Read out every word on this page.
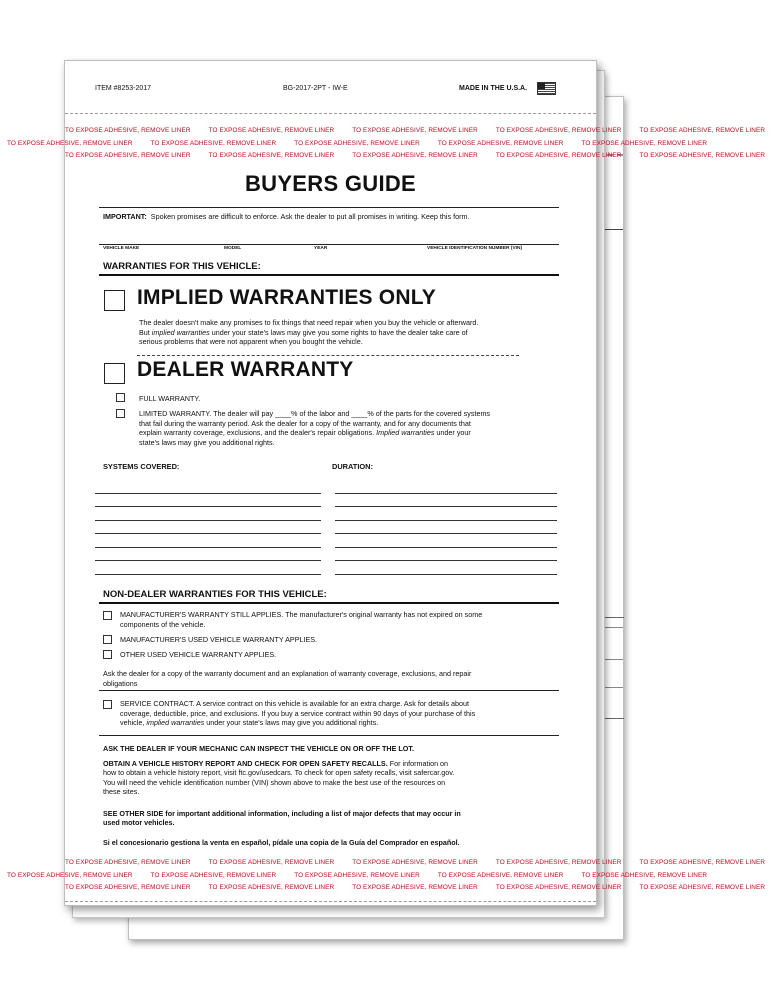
ITEM #8253-2017	BG-2017-2PT - IW-E	MADE IN THE U.S.A.
TO EXPOSE ADHESIVE, REMOVE LINER	TO EXPOSE ADHESIVE, REMOVE LINER	TO EXPOSE ADHESIVE, REMOVE LINER	TO EXPOSE ADHESIVE, REMOVE LINER	TO EXPOSE ADHESIVE, REMOVE LINER
TO EXPOSE ADHESIVE, REMOVE LINER	TO EXPOSE ADHESIVE, REMOVE LINER	TO EXPOSE ADHESIVE, REMOVE LINER	TO EXPOSE ADHESIVE, REMOVE LINER	TO EXPOSE ADHESIVE, REMOVE LINER
TO EXPOSE ADHESIVE, REMOVE LINER	TO EXPOSE ADHESIVE, REMOVE LINER	TO EXPOSE ADHESIVE, REMOVE LINER	TO EXPOSE ADHESIVE, REMOVE LINER	TO EXPOSE ADHESIVE, REMOVE LINER
BUYERS GUIDE
IMPORTANT: Spoken promises are difficult to enforce. Ask the dealer to put all promises in writing. Keep this form.
VEHICLE MAKE	MODEL	YEAR	VEHICLE IDENTIFICATION NUMBER (VIN)
WARRANTIES FOR THIS VEHICLE:
IMPLIED WARRANTIES ONLY
The dealer doesn't make any promises to fix things that need repair when you buy the vehicle or afterward.
But implied warranties under your state's laws may give you some rights to have the dealer take care of
serious problems that were not apparent when you bought the vehicle.
DEALER WARRANTY
FULL WARRANTY.
LIMITED WARRANTY. The dealer will pay ____% of the labor and ____% of the parts for the covered systems
that fail during the warranty period. Ask the dealer for a copy of the warranty, and for any documents that
explain warranty coverage, exclusions, and the dealer's repair obligations. Implied warranties under your
state's laws may give you additional rights.
SYSTEMS COVERED:	DURATION:
NON-DEALER WARRANTIES FOR THIS VEHICLE:
MANUFACTURER'S WARRANTY STILL APPLIES. The manufacturer's original warranty has not expired on some
components of the vehicle.
MANUFACTURER'S USED VEHICLE WARRANTY APPLIES.
OTHER USED VEHICLE WARRANTY APPLIES.
Ask the dealer for a copy of the warranty document and an explanation of warranty coverage, exclusions, and repair
obligations
SERVICE CONTRACT. A service contract on this vehicle is available for an extra charge. Ask for details about
coverage, deductible, price, and exclusions. If you buy a service contract within 90 days of your purchase of this
vehicle, implied warranties under your state's laws may give you additional rights.
ASK THE DEALER IF YOUR MECHANIC CAN INSPECT THE VEHICLE ON OR OFF THE LOT.
OBTAIN A VEHICLE HISTORY REPORT AND CHECK FOR OPEN SAFETY RECALLS. For information on
how to obtain a vehicle history report, visit ftc.gov/usedcars. To check for open safety recalls, visit safercar.gov.
You will need the vehicle identification number (VIN) shown above to make the best use of the resources on
these sites.
SEE OTHER SIDE for important additional information, including a list of major defects that may occur in
used motor vehicles.
Si el concesionario gestiona la venta en español, pídale una copia de la Guía del Comprador en español.
TO EXPOSE ADHESIVE, REMOVE LINER	TO EXPOSE ADHESIVE, REMOVE LINER	TO EXPOSE ADHESIVE, REMOVE LINER	TO EXPOSE ADHESIVE, REMOVE LINER	TO EXPOSE ADHESIVE, REMOVE LINER
TO EXPOSE ADHESIVE, REMOVE LINER	TO EXPOSE ADHESIVE, REMOVE LINER	TO EXPOSE ADHESIVE, REMOVE LINER	TO EXPOSE ADHESIVE, REMOVE LINER	TO EXPOSE ADHESIVE, REMOVE LINER
TO EXPOSE ADHESIVE, REMOVE LINER	TO EXPOSE ADHESIVE, REMOVE LINER	TO EXPOSE ADHESIVE, REMOVE LINER	TO EXPOSE ADHESIVE, REMOVE LINER	TO EXPOSE ADHESIVE, REMOVE LINER
